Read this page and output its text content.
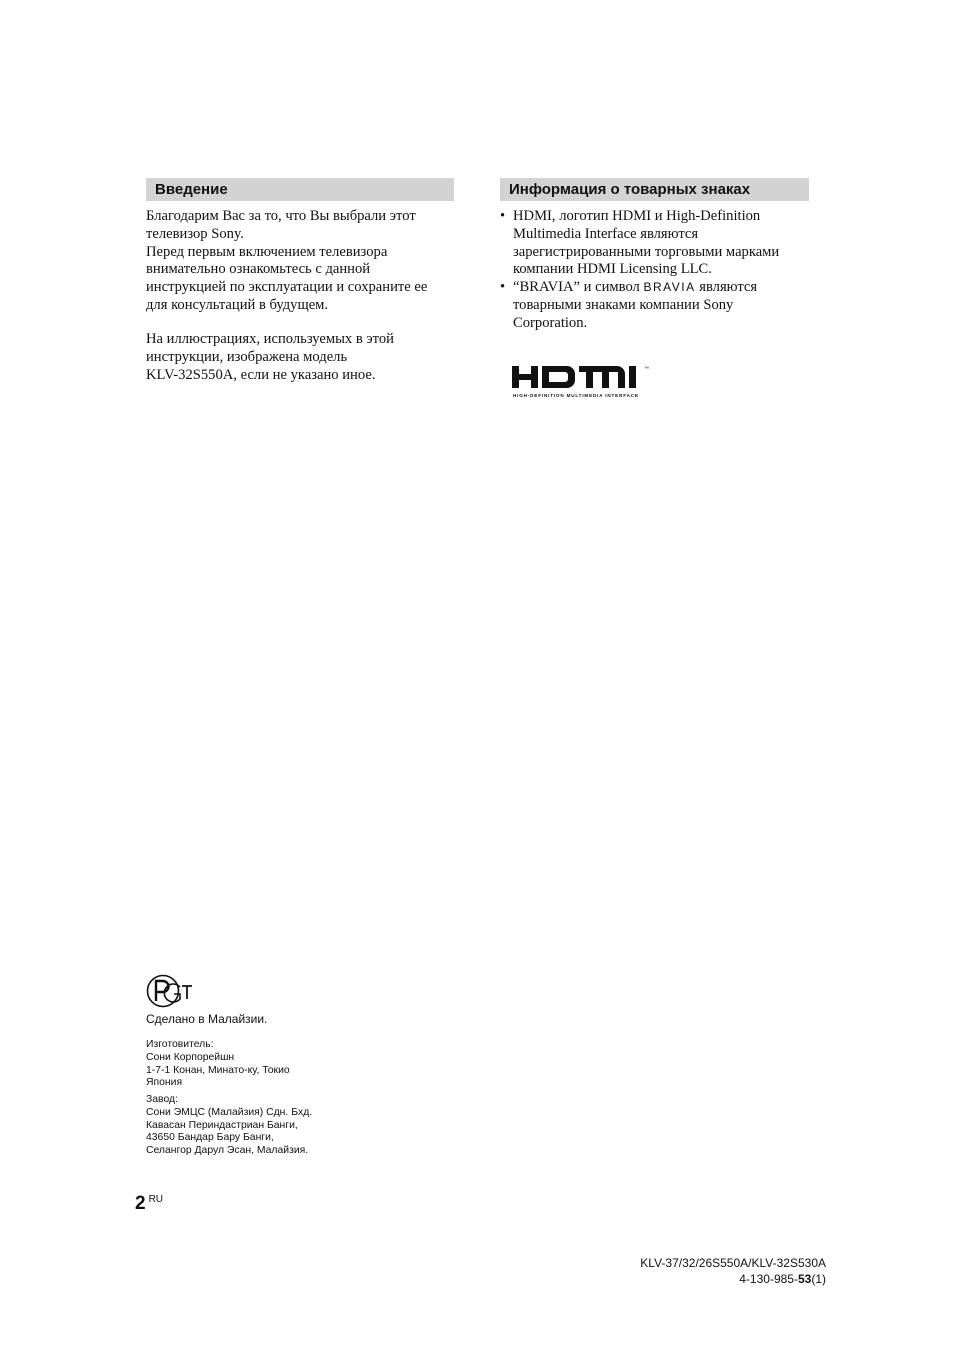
Введение
Благодарим Вас за то, что Вы выбрали этот
телевизор Sony.
Перед первым включением телевизора
внимательно ознакомьтесь с данной
инструкцией по эксплуатации и сохраните ее
для консультаций в будущем.
На иллюстрациях, используемых в этой
инструкции, изображена модель
KLV-32S550A, если не указано иное.
Информация о товарных знаках
• HDMI, логотип HDMI и High-Definition
Multimedia Interface являются
зарегистрированными торговыми марками
компании HDMI Licensing LLC.
• “BRAVIA” и символ BRAVIA являются
товарными знаками компании Sony
Corporation.
™
HIGH-DEFINITION MULTIMEDIA INTERFACE
Сделано в Малайзии.
Изготовитель:
Сони Корпорейшн
1-7-1 Конан, Минато-ку, Токио
Япония
Завод:
Сони ЭМЦС (Малайзия) Сдн. Бхд.
Кавасан Периндастриан Банги,
43650 Бандар Бару Банги,
Селангор Дарул Эсан, Малайзия.
2 $^{RU}$
KLV-37/32/26S550A/KLV-32S530A
4-130-985-53(1)
